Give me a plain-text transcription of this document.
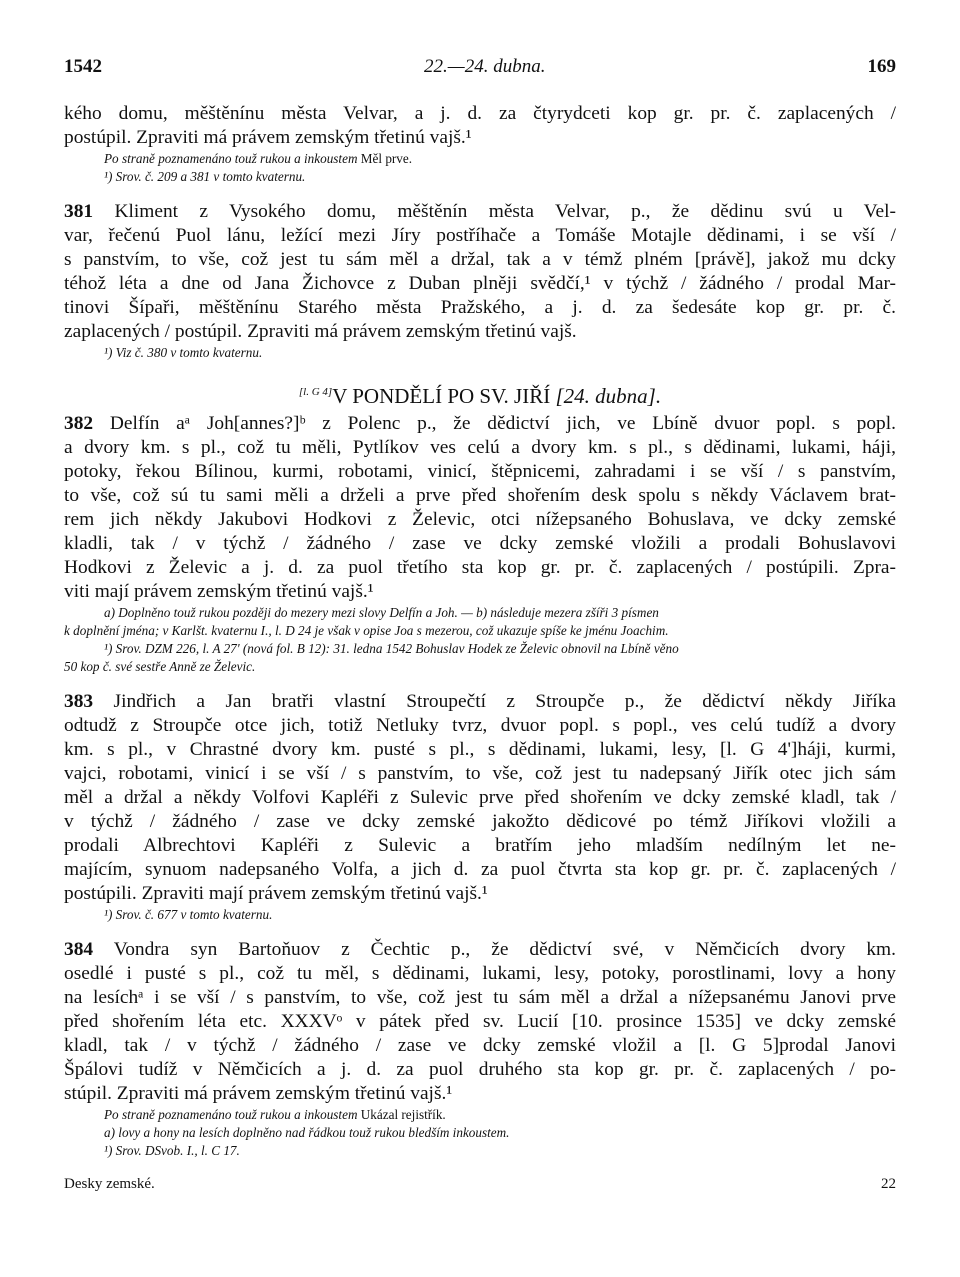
1542	22.—24. dubna.	169
kého domu, měštěnínu města Velvar, a j. d. za čtyrydceti kop gr. pr. č. zaplacených /
postúpil. Zpraviti má právem zemským třetinú vajš.¹
Po straně poznamenáno touž rukou a inkoustem Měl prve.
¹) Srov. č. 209 a 381 v tomto kvaternu.
381 Kliment z Vysokého domu, měštěnín města Velvar, p., že dědinu svú u Vel-
var, řečenú Puol lánu, ležící mezi Jíry postříhače a Tomáše Motajle dědinami, i se vší /
s panstvím, to vše, což jest tu sám měl a držal, tak a v témž plném [právě], jakož mu dcky
téhož léta a dne od Jana Žichovce z Duban plněji svědčí,¹ v týchž / žádného / prodal Mar-
tinovi Šípaři, měštěnínu Starého města Pražského, a j. d. za šedesáte kop gr. pr. č.
zaplacených / postúpil. Zpraviti má právem zemským třetinú vajš.
¹) Viz č. 380 v tomto kvaternu.
[l. G 4]V PONDĚLÍ PO SV. JIŘÍ [24. dubna].
382 Delfín aᵃ Joh[annes?]ᵇ z Polenc p., že dědictví jich, ve Lbíně dvuor popl. s popl.
a dvory km. s pl., což tu měli, Pytlíkov ves celú a dvory km. s pl., s dědinami, lukami, háji,
potoky, řekou Bílinou, kurmi, robotami, vinicí, štěpnicemi, zahradami i se vší / s panstvím,
to vše, což sú tu sami měli a drželi a prve před shořením desk spolu s někdy Václavem brat-
rem jich někdy Jakubovi Hodkovi z Želevic, otci nížepsaného Bohuslava, ve dcky zemské
kladli, tak / v týchž / žádného / zase ve dcky zemské vložili a prodali Bohuslavovi
Hodkovi z Želevic a j. d. za puol třetího sta kop gr. pr. č. zaplacených / postúpili. Zpra-
viti mají právem zemským třetinú vajš.¹
a) Doplněno touž rukou později do mezery mezi slovy Delfín a Joh. — b) následuje mezera zšíři 3 písmen
k doplnění jména; v Karlšt. kvaternu I., l. D 24 je však v opise Joa s mezerou, což ukazuje spíše ke jménu Joachim.
¹) Srov. DZM 226, l. A 27' (nová fol. B 12): 31. ledna 1542 Bohuslav Hodek ze Želevic obnovil na Lbíně věno
50 kop č. své sestře Anně ze Želevic.
383 Jindřich a Jan bratři vlastní Stroupečtí z Stroupče p., že dědictví někdy Jiříka
odtudž z Stroupče otce jich, totiž Netluky tvrz, dvuor popl. s popl., ves celú tudíž a dvory
km. s pl., v Chrastné dvory km. pusté s pl., s dědinami, lukami, lesy, [l. G 4']háji, kurmi,
vajci, robotami, vinicí i se vší / s panstvím, to vše, což jest tu nadepsaný Jiřík otec jich sám
měl a držal a někdy Volfovi Kapléři z Sulevic prve před shořením ve dcky zemské kladl, tak /
v týchž / žádného / zase ve dcky zemské jakožto dědicové po témž Jiříkovi vložili a
prodali Albrechtovi Kapléři z Sulevic a bratřím jeho mladším nedílným let ne-
majícím, synuom nadepsaného Volfa, a jich d. za puol čtvrta sta kop gr. pr. č. zaplacených /
postúpili. Zpraviti mají právem zemským třetinú vajš.¹
¹) Srov. č. 677 v tomto kvaternu.
384 Vondra syn Bartoňuov z Čechtic p., že dědictví své, v Němčicích dvory km.
osedlé i pusté s pl., což tu měl, s dědinami, lukami, lesy, potoky, porostlinami, lovy a hony
na lesíchᵃ i se vší / s panstvím, to vše, což jest tu sám měl a držal a nížepsanému Janovi prve
před shořením léta etc. XXXVᵒ v pátek před sv. Lucií [10. prosince 1535] ve dcky zemské
kladl, tak / v týchž / žádného / zase ve dcky zemské vložil a [l. G 5]prodal Janovi
Špálovi tudíž v Němčicích a j. d. za puol druhého sta kop gr. pr. č. zaplacených / po-
stúpil. Zpraviti má právem zemským třetinú vajš.¹
Po straně poznamenáno touž rukou a inkoustem Ukázal rejistřík.
a) lovy a hony na lesích doplněno nad řádkou touž rukou bledším inkoustem.
¹) Srov. DSvob. I., l. C 17.
Desky zemské.	22
